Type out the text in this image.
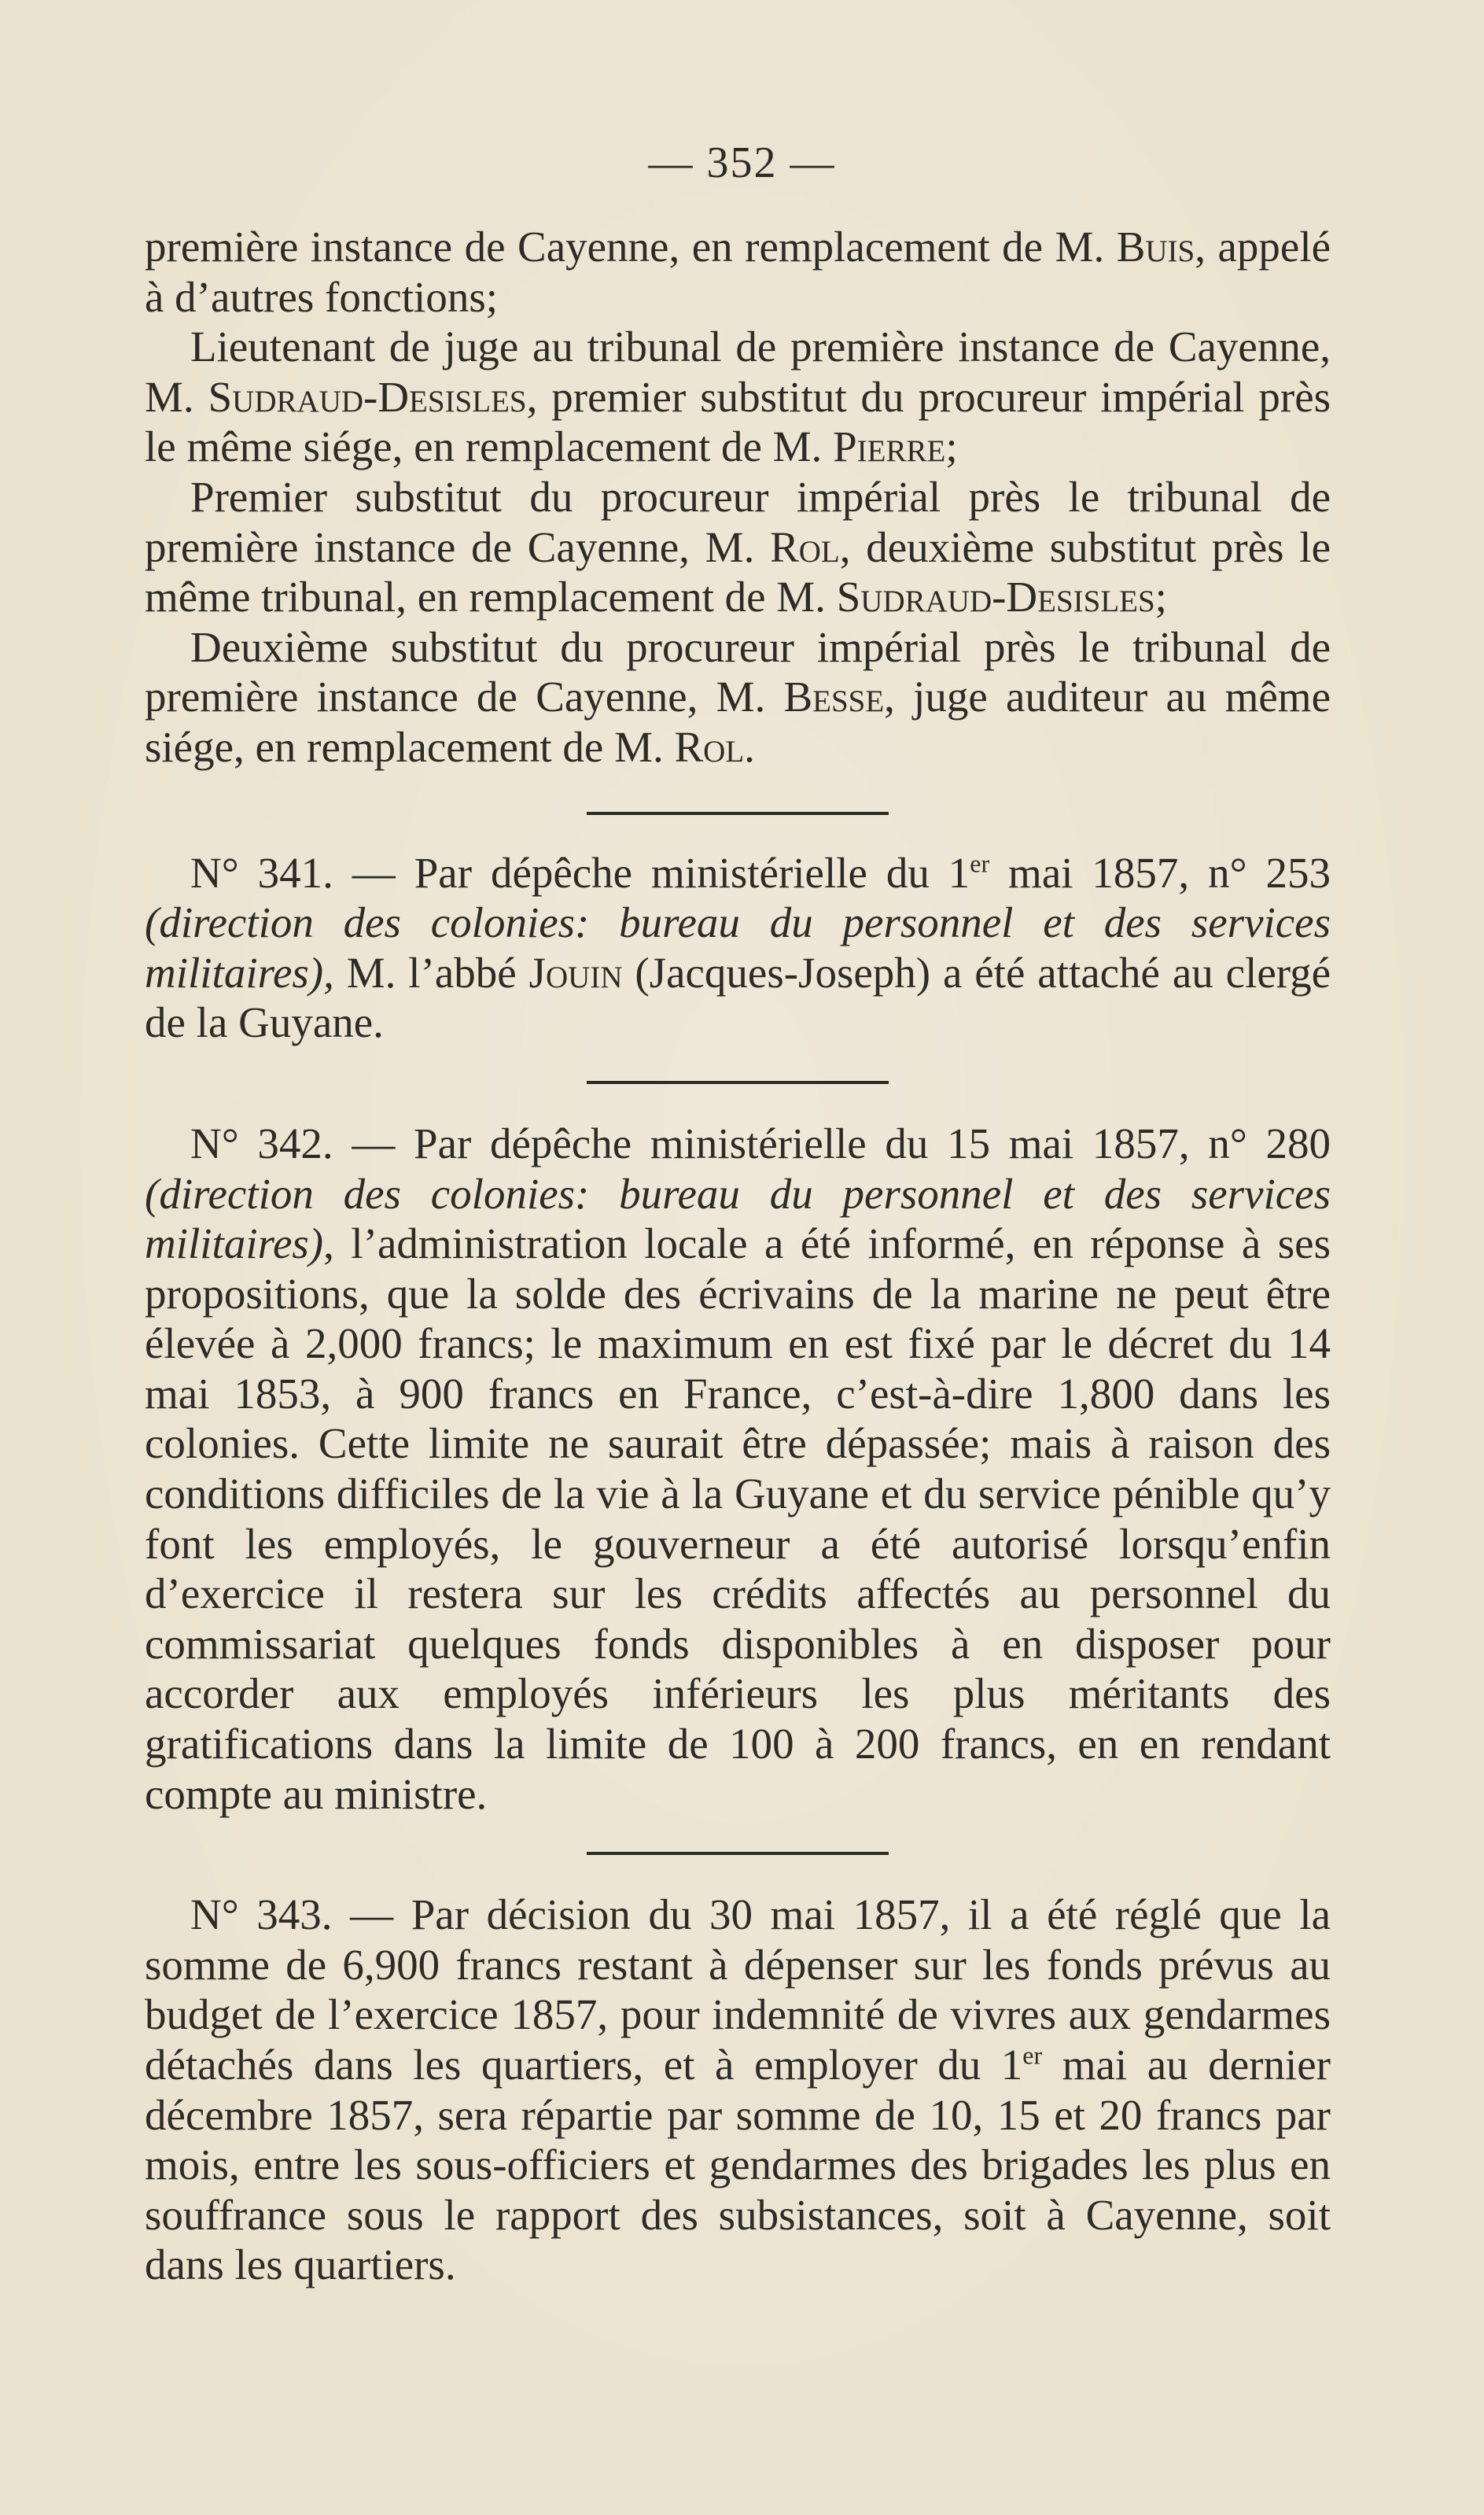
— 352 —

première instance de Cayenne, en remplacement de M. Buis, appelé à d’autres fonctions;

Lieutenant de juge au tribunal de première instance de Cayenne, M. Sudraud-Desisles, premier substitut du procureur impérial près le même siége, en remplacement de M. Pierre;

Premier substitut du procureur impérial près le tribunal de première instance de Cayenne, M. Rol, deuxième substitut près le même tribunal, en remplacement de M. Sudraud-Desisles;

Deuxième substitut du procureur impérial près le tribunal de première instance de Cayenne, M. Besse, juge auditeur au même siége, en remplacement de M. Rol.

N° 341. — Par dépêche ministérielle du 1er mai 1857, n° 253 (direction des colonies: bureau du personnel et des services militaires), M. l’abbé Jouin (Jacques-Joseph) a été attaché au clergé de la Guyane.

N° 342. — Par dépêche ministérielle du 15 mai 1857, n° 280 (direction des colonies: bureau du personnel et des services militaires), l’administration locale a été informé, en réponse à ses propositions, que la solde des écrivains de la marine ne peut être élevée à 2,000 francs; le maximum en est fixé par le décret du 14 mai 1853, à 900 francs en France, c’est-à-dire 1,800 dans les colonies. Cette limite ne saurait être dépassée; mais à raison des conditions difficiles de la vie à la Guyane et du service pénible qu’y font les employés, le gouverneur a été autorisé lorsqu’enfin d’exercice il restera sur les crédits affectés au personnel du commissariat quelques fonds disponibles à en disposer pour accorder aux employés inférieurs les plus méritants des gratifications dans la limite de 100 à 200 francs, en en rendant compte au ministre.

N° 343. — Par décision du 30 mai 1857, il a été réglé que la somme de 6,900 francs restant à dépenser sur les fonds prévus au budget de l’exercice 1857, pour indemnité de vivres aux gendarmes détachés dans les quartiers, et à employer du 1er mai au dernier décembre 1857, sera répartie par somme de 10, 15 et 20 francs par mois, entre les sous-officiers et gendarmes des brigades les plus en souffrance sous le rapport des subsistances, soit à Cayenne, soit dans les quartiers.
